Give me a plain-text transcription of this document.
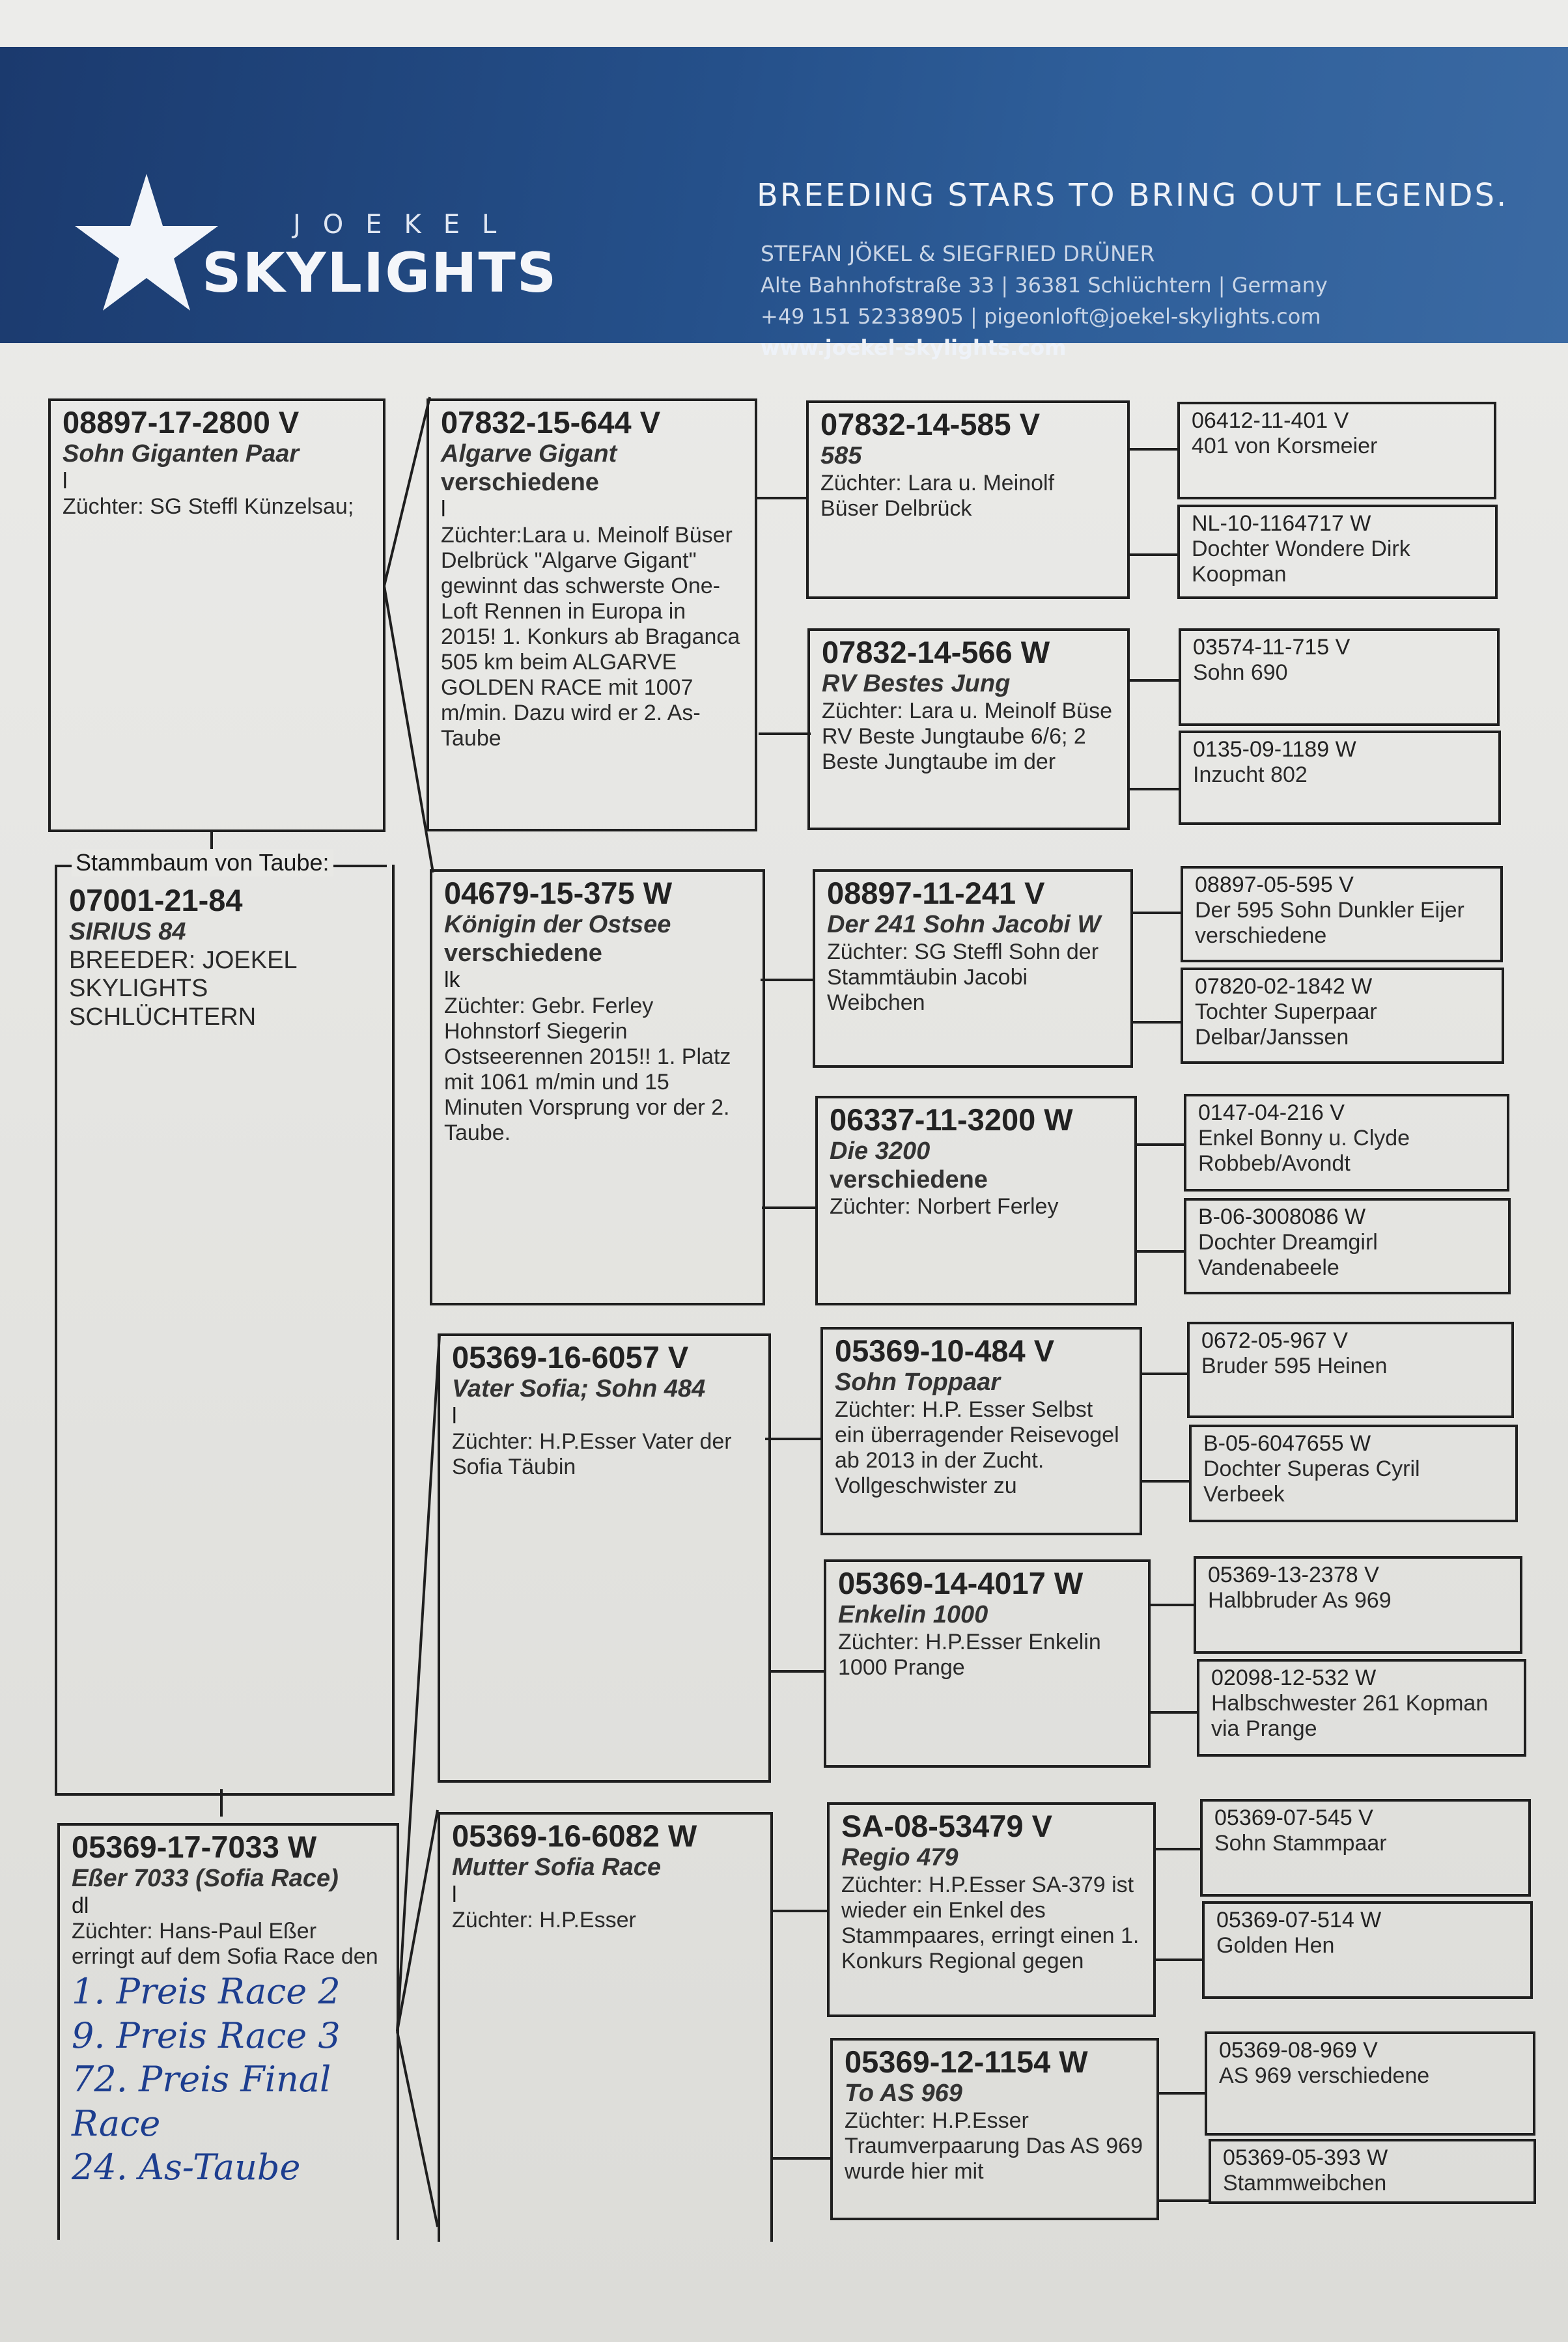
JOEKEL
SKYLIGHTS
BREEDING STARS TO BRING OUT LEGENDS.
STEFAN JÖKEL & SIEGFRIED DRÜNER
Alte Bahnhofstraße 33 | 36381 Schlüchtern | Germany
+49 151 52338905 | pigeonloft@joekel-skylights.com
www.joekel-skylights.com
08897-17-2800 V
Sohn Giganten Paar
l
Züchter: SG Steffl Künzelsau;
Stammbaum von Taube:
07001-21-84
SIRIUS 84
BREEDER: JOEKEL SKYLIGHTS SCHLÜCHTERN
05369-17-7033 W
Eßer 7033 (Sofia Race)
dl
Züchter: Hans-Paul Eßer erringt auf dem Sofia Race den
1. Preis Race 2
9. Preis Race 3
72. Preis Final Race
24. As-Taube
07832-15-644 V
Algarve Gigant
verschiedene
l
Züchter:Lara u. Meinolf Büser Delbrück "Algarve Gigant" gewinnt das schwerste One-Loft Rennen in Europa in 2015! 1. Konkurs ab Braganca 505 km beim ALGARVE GOLDEN RACE mit 1007 m/min. Dazu wird er 2. As-Taube
04679-15-375 W
Königin der Ostsee
verschiedene
lk
Züchter: Gebr. Ferley Hohnstorf Siegerin Ostseerennen 2015!! 1. Platz mit 1061 m/min und 15 Minuten Vorsprung vor der 2. Taube.
05369-16-6057 V
Vater Sofia; Sohn 484
l
Züchter: H.P.Esser Vater der Sofia Täubin
05369-16-6082 W
Mutter Sofia Race
l
Züchter: H.P.Esser
07832-14-585 V
585
Züchter: Lara u. Meinolf Büser Delbrück
07832-14-566 W
RV Bestes Jung
Züchter: Lara u. Meinolf Büse RV Beste Jungtaube 6/6; 2 Beste Jungtaube im der
08897-11-241 V
Der 241 Sohn Jacobi W
Züchter: SG Steffl Sohn der Stammtäubin Jacobi Weibchen
06337-11-3200 W
Die 3200
verschiedene
Züchter: Norbert Ferley
05369-10-484 V
Sohn Toppaar
Züchter: H.P. Esser Selbst ein überragender Reisevogel ab 2013 in der Zucht. Vollgeschwister zu
05369-14-4017 W
Enkelin 1000
Züchter: H.P.Esser Enkelin 1000 Prange
SA-08-53479 V
Regio 479
Züchter: H.P.Esser SA-379 ist wieder ein Enkel des Stammpaares, erringt einen 1. Konkurs Regional gegen
05369-12-1154 W
To AS 969
Züchter: H.P.Esser Traumverpaarung Das AS 969 wurde hier mit
06412-11-401 V
401 von Korsmeier
NL-10-1164717 W
Dochter Wondere Dirk Koopman
03574-11-715 V
Sohn 690
0135-09-1189 W
Inzucht 802
08897-05-595 V
Der 595 Sohn Dunkler Eijer verschiedene
07820-02-1842 W
Tochter Superpaar Delbar/Janssen
0147-04-216 V
Enkel Bonny u. Clyde Robbeb/Avondt
B-06-3008086 W
Dochter Dreamgirl Vandenabeele
0672-05-967 V
Bruder 595 Heinen
B-05-6047655 W
Dochter Superas Cyril Verbeek
05369-13-2378 V
Halbbruder As 969
02098-12-532 W
Halbschwester 261 Kopman via Prange
05369-07-545 V
Sohn Stammpaar
05369-07-514 W
Golden Hen
05369-08-969 V
AS 969 verschiedene
05369-05-393 W
Stammweibchen
